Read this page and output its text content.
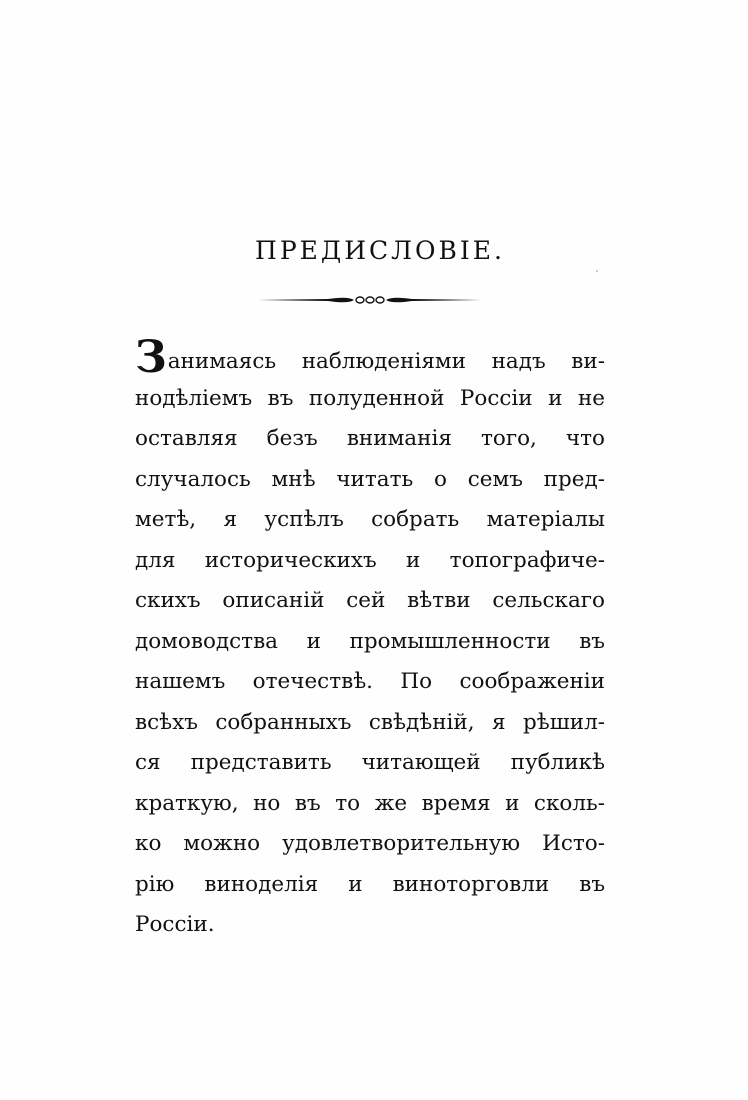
ПРЕДИСЛОВІЕ.
Занимаясь наблюденіями надъ ви-
нодѣліемъ въ полуденной Россіи и не
оставляя безъ вниманія того, что
случалось мнѣ читать о семъ пред-
метѣ, я успѣлъ собрать матеріалы
для историческихъ и топографиче-
скихъ описаній сей вѣтви сельскаго
домоводства и промышленности въ
нашемъ отечествѣ. По соображеніи
всѣхъ собранныхъ свѣдѣній, я рѣшил-
ся представить читающей публикѣ
краткую, но въ то же время и сколь-
ко можно удовлетворительную Исто-
рію виноделія и виноторговли въ
Россіи.
